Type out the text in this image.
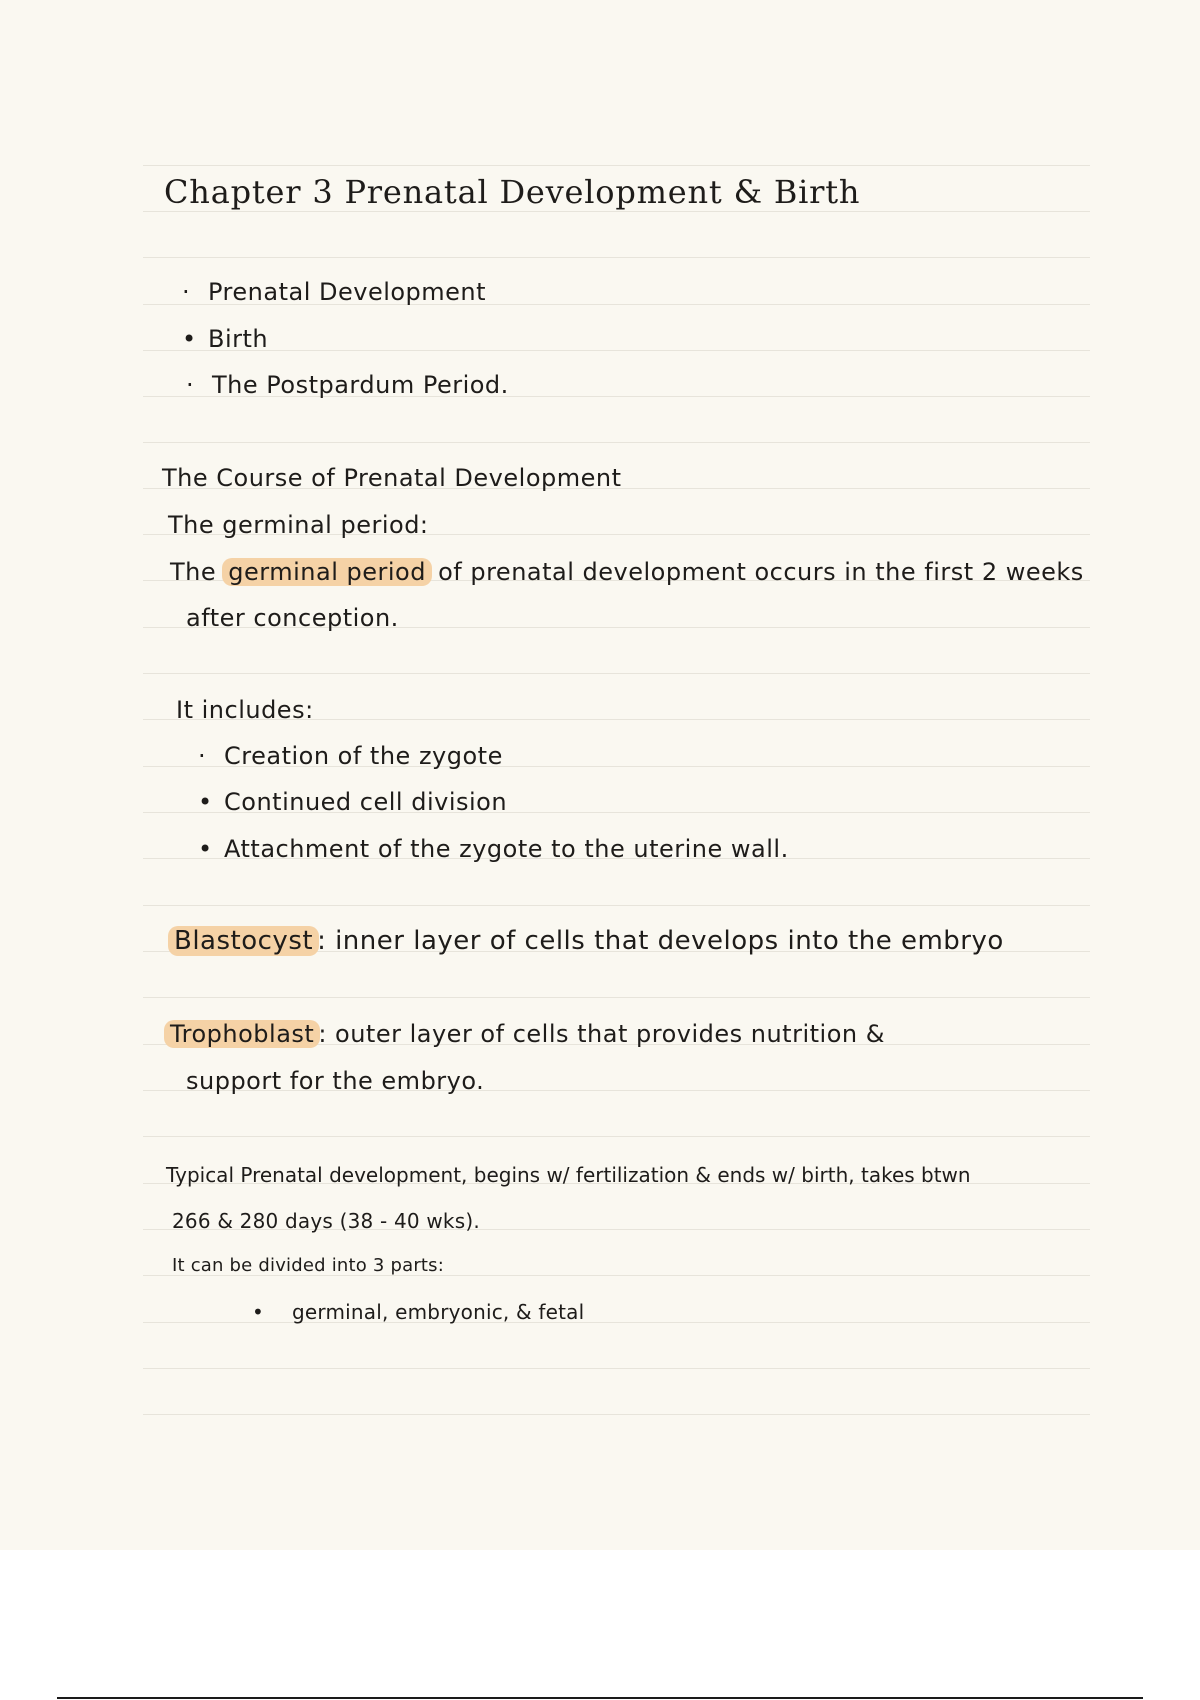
Chapter 3 Prenatal Development & Birth
· Prenatal Development
• Birth
· The Postpardum Period.
The Course of Prenatal Development
The germinal period:
The germinal period of prenatal development occurs in the first 2 weeks
after conception.
It includes:
· Creation of the zygote
• Continued cell division
• Attachment of the zygote to the uterine wall.
Blastocyst : inner layer of cells that develops into the embryo
Trophoblast : outer layer of cells that provides nutrition &
support for the embryo.
Typical Prenatal development, begins w/ fertilization & ends w/ birth, takes btwn
266 & 280 days (38 - 40 wks).
It can be divided into 3 parts:
• germinal, embryonic, & fetal
